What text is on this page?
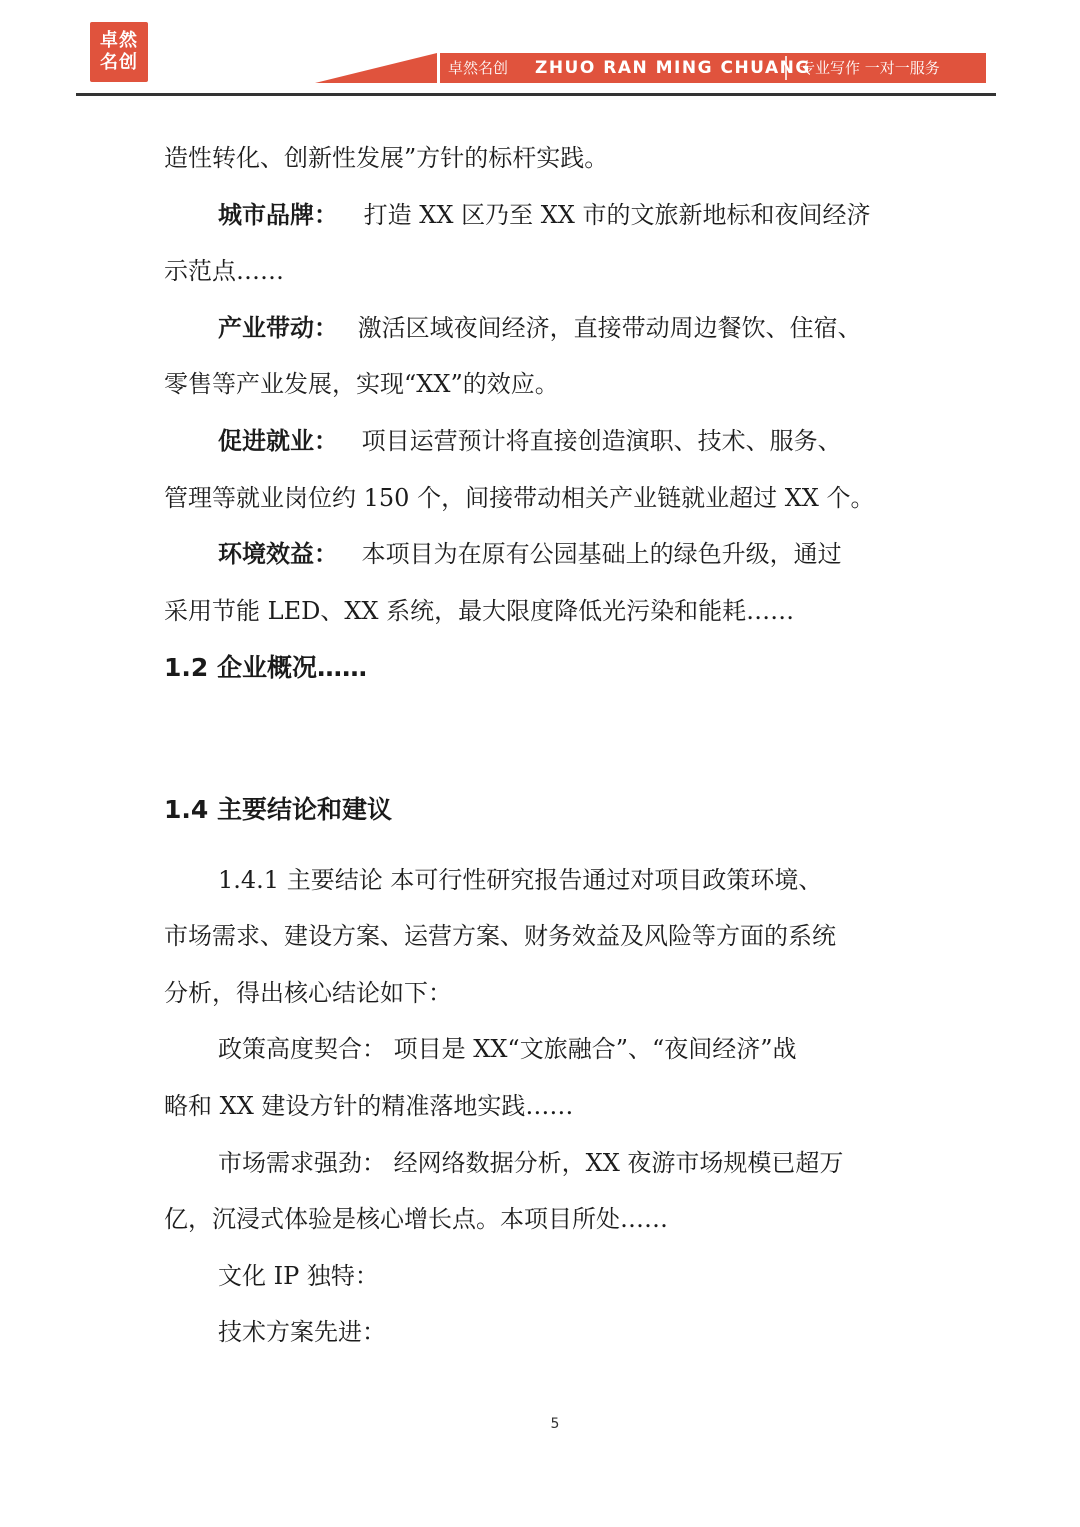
卓然
名创	卓然名创 ZHUO RAN MING CHUANG
专业写作 一对一服务
造性转化、创新性发展”方针的标杆实践。
城市品牌： 打造 XX 区乃至 XX 市的文旅新地标和夜间经济
示范点……
产业带动： 激活区域夜间经济，直接带动周边餐饮、住宿、
零售等产业发展，实现“XX”的效应。
促进就业： 项目运营预计将直接创造演职、技术、服务、
管理等就业岗位约 150 个，间接带动相关产业链就业超过 XX 个。
环境效益： 本项目为在原有公园基础上的绿色升级，通过
采用节能 LED、XX 系统，最大限度降低光污染和能耗……
1.2 企业概况……
1.4 主要结论和建议
1.4.1 主要结论 本可行性研究报告通过对项目政策环境、
市场需求、建设方案、运营方案、财务效益及风险等方面的系统
分析，得出核心结论如下：
政策高度契合： 项目是 XX“文旅融合”、“夜间经济”战
略和 XX 建设方针的精准落地实践……
市场需求强劲： 经网络数据分析，XX 夜游市场规模已超万
亿，沉浸式体验是核心增长点。本项目所处……
文化 IP 独特：
技术方案先进：
5
